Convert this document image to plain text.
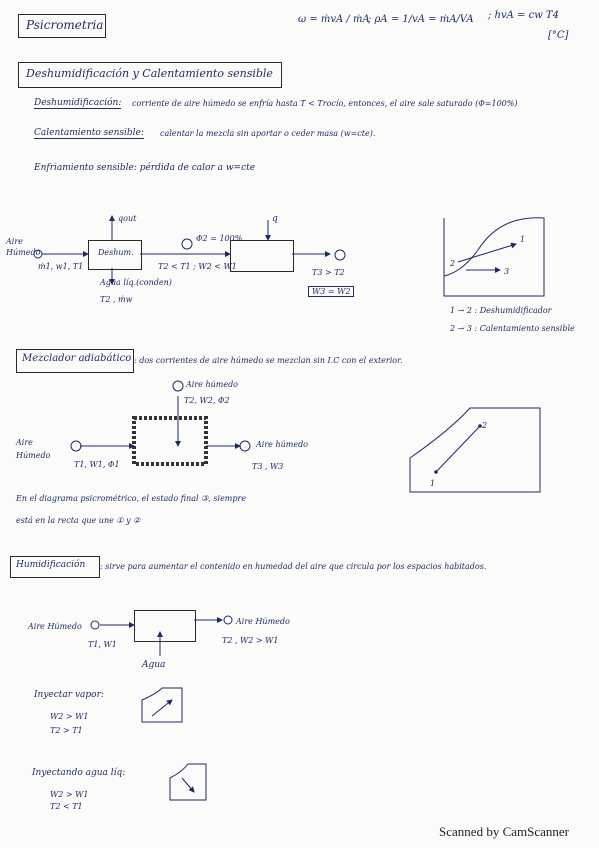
Psicrometria	ω = ṁvA / ṁA
; ρA = 1/vA = ṁA/VA ; hvA = cw T4
[°C]
Deshumidificación y Calentamiento sensible
Deshumidificación: corriente de aire húmedo se enfría hasta T < Trocío, entonces, el aire sale saturado (Φ=100%)
Calentamiento sensible: calentar la mezcla sin aportar o ceder masa (w=cte).
Enfriamiento sensible: pérdida de calor a w=cte
Deshum.
qout	q
Aire Húmedo
ṁ1, w1, T1
Φ2 = 100%
T2 < T1 ; W2 < W1
Agua líq.(conden)
T2 , ṁw
T3 > T2
W3 = W2
1 → 2 : Deshumidificador
2 → 3 : Calentamiento sensible
Mezclador adiabático : dos corrientes de aire húmedo se mezclan sin I.C con el exterior.
Aire Húmedo
T1, W1, Φ1
Aire húmedo
T2, W2, Φ2
Aire húmedo
T3 , W3
En el diagrama psicrométrico, el estado final ③, siempre
está en la recta que une ① y ②
Humidificación : sirve para aumentar el contenido en humedad del aire que circula por los espacios habitados.
Aire Húmedo
T1, W1
Aire Húmedo
T2 , W2 > W1
Agua
Inyectar vapor:
W2 > W1
T2 > T1
Inyectando agua líq:
W2 > W1
T2 < T1
1
2
3
1
2
Scanned by CamScanner
